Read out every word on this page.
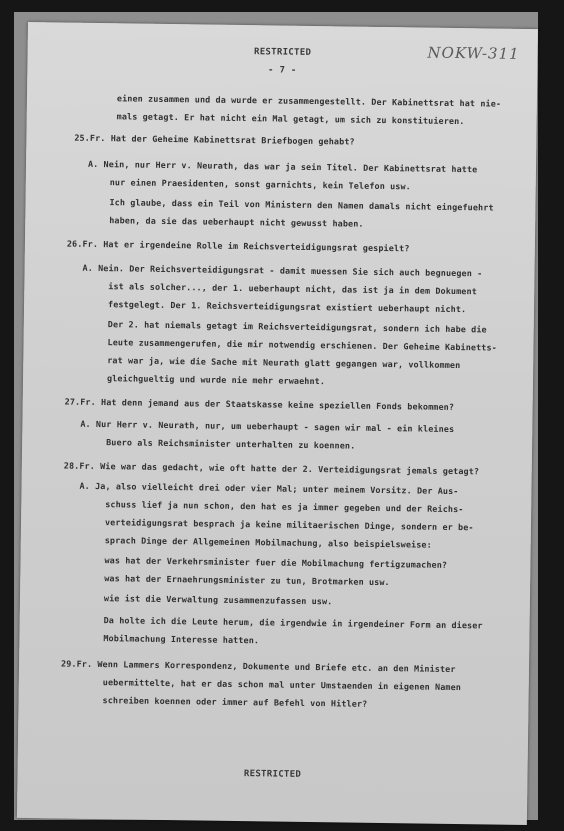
RESTRICTED
- 7 -
NOKW-311
einen zusammen und da wurde er zusammengestellt. Der Kabinettsrat hat nie-
mals getagt. Er hat nicht ein Mal getagt, um sich zu konstituieren.
25.Fr. Hat der Geheime Kabinettsrat Briefbogen gehabt?
A. Nein, nur Herr v. Neurath, das war ja sein Titel. Der Kabinettsrat hatte
nur einen Praesidenten, sonst garnichts, kein Telefon usw.
Ich glaube, dass ein Teil von Ministern den Namen damals nicht eingefuehrt
haben, da sie das ueberhaupt nicht gewusst haben.
26.Fr. Hat er irgendeine Rolle im Reichsverteidigungsrat gespielt?
A. Nein. Der Reichsverteidigungsrat - damit muessen Sie sich auch begnuegen -
ist als solcher..., der 1. ueberhaupt nicht, das ist ja in dem Dokument
festgelegt. Der 1. Reichsverteidigungsrat existiert ueberhaupt nicht.
Der 2. hat niemals getagt im Reichsverteidigungsrat, sondern ich habe die
Leute zusammengerufen, die mir notwendig erschienen. Der Geheime Kabinetts-
rat war ja, wie die Sache mit Neurath glatt gegangen war, vollkommen
gleichgueltig und wurde nie mehr erwaehnt.
27.Fr. Hat denn jemand aus der Staatskasse keine speziellen Fonds bekommen?
A. Nur Herr v. Neurath, nur, um ueberhaupt - sagen wir mal - ein kleines
Buero als Reichsminister unterhalten zu koennen.
28.Fr. Wie war das gedacht, wie oft hatte der 2. Verteidigungsrat jemals getagt?
A. Ja, also vielleicht drei oder vier Mal; unter meinem Vorsitz. Der Aus-
schuss lief ja nun schon, den hat es ja immer gegeben und der Reichs-
verteidigungsrat besprach ja keine militaerischen Dinge, sondern er be-
sprach Dinge der Allgemeinen Mobilmachung, also beispielsweise:
was hat der Verkehrsminister fuer die Mobilmachung fertigzumachen?
was hat der Ernaehrungsminister zu tun, Brotmarken usw.
wie ist die Verwaltung zusammenzufassen usw.
Da holte ich die Leute herum, die irgendwie in irgendeiner Form an dieser
Mobilmachung Interesse hatten.
29.Fr. Wenn Lammers Korrespondenz, Dokumente und Briefe etc. an den Minister
uebermittelte, hat er das schon mal unter Umstaenden in eigenen Namen
schreiben koennen oder immer auf Befehl von Hitler?
RESTRICTED
